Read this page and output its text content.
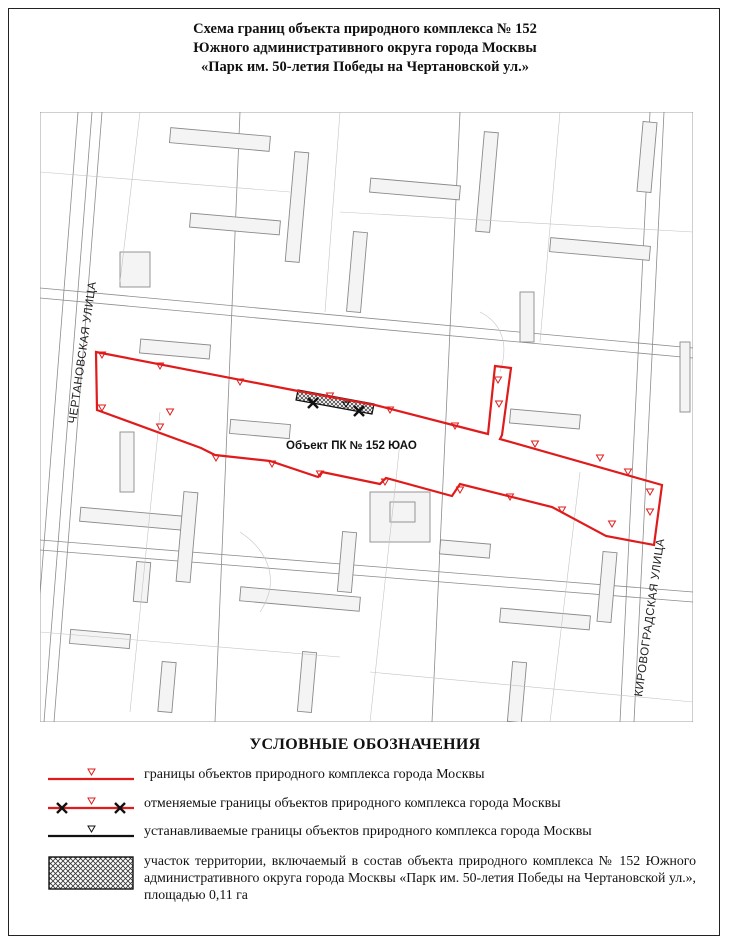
Схема границ объекта природного комплекса № 152
Южного административного округа города Москвы
«Парк им. 50-летия Победы на Чертановской ул.»
ЧЕРТАНОВСКАЯ УЛИЦА
КИРОВОГРАДСКАЯ УЛИЦА
Объект ПК № 152 ЮАО
УСЛОВНЫЕ ОБОЗНАЧЕНИЯ
границы объектов природного комплекса города Москвы
отменяемые границы объектов природного комплекса города Москвы
устанавливаемые границы объектов природного комплекса города Москвы
участок территории, включаемый в состав объекта природного комплекса № 152 Южного административного округа города Москвы «Парк им. 50-летия Победы на Чертановской ул.», площадью 0,11 га
